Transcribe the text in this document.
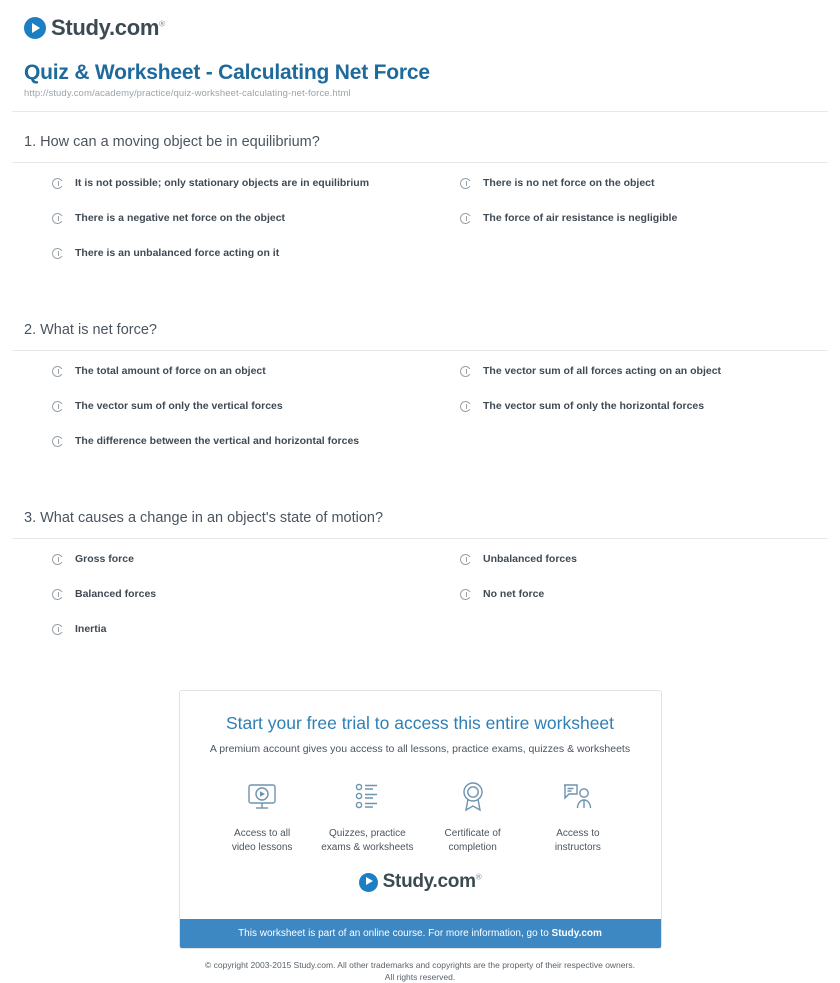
Study.com®
Quiz & Worksheet - Calculating Net Force

http://study.com/academy/practice/quiz-worksheet-calculating-net-force.html

1. How can a moving object be in equilibrium?

It is not possible; only stationary objects are in equilibrium	There is no net force on the object
There is a negative net force on the object	The force of air resistance is negligible
There is an unbalanced force acting on it

2. What is net force?

The total amount of force on an object	The vector sum of all forces acting on an object
The vector sum of only the vertical forces	The vector sum of only the horizontal forces
The difference between the vertical and horizontal forces

3. What causes a change in an object's state of motion?

Gross force	Unbalanced forces
Balanced forces	No net force
Inertia

Start your free trial to access this entire worksheet

A premium account gives you access to all lessons, practice exams, quizzes & worksheets

Access to all
video lessons
Quizzes, practice
exams & worksheets
Certificate of
completion
Access to
instructors
Study.com®
This worksheet is part of an online course. For more information, go to Study.com
© copyright 2003-2015 Study.com. All other trademarks and copyrights are the property of their respective owners.
All rights reserved.
